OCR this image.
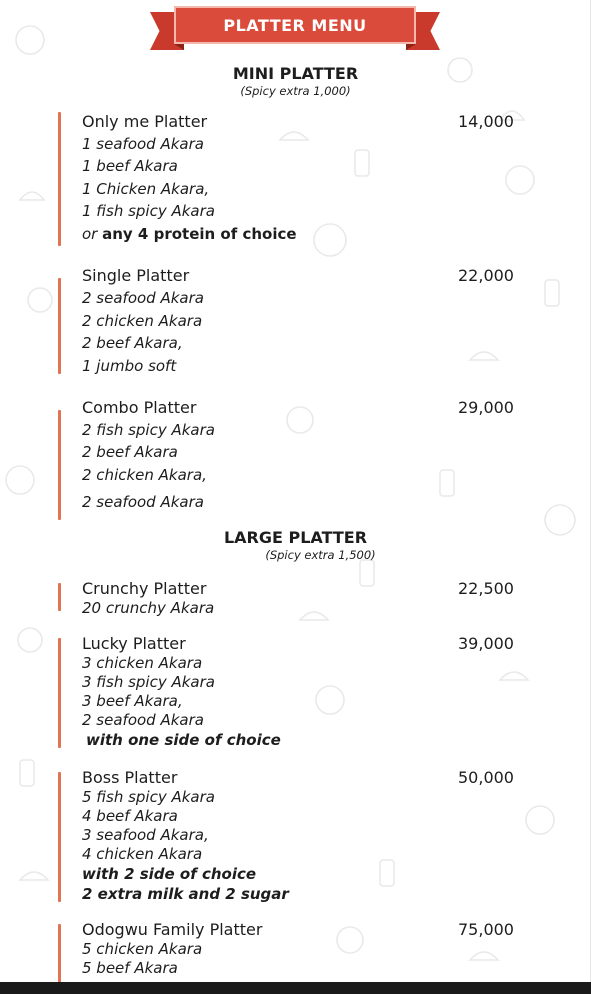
PLATTER MENU
MINI PLATTER
(Spicy extra 1,000)
Only me Platter	14,000
1 seafood Akara
1 beef Akara
1 Chicken Akara,
1 fish spicy Akara
or any 4 protein of choice
Single Platter	22,000
2 seafood Akara
2 chicken Akara
2 beef Akara,
1 jumbo soft
Combo Platter	29,000
2 fish spicy Akara
2 beef Akara
2 chicken Akara,
2 seafood Akara
LARGE PLATTER
(Spicy extra 1,500)
Crunchy Platter	22,500
20 crunchy Akara
Lucky Platter	39,000
3 chicken Akara
3 fish spicy Akara
3 beef Akara,
2 seafood Akara
with one side of choice
Boss Platter	50,000
5 fish spicy Akara
4 beef Akara
3 seafood Akara,
4 chicken Akara
with 2 side of choice
2 extra milk and 2 sugar
Odogwu Family Platter	75,000
5 chicken Akara
5 beef Akara
